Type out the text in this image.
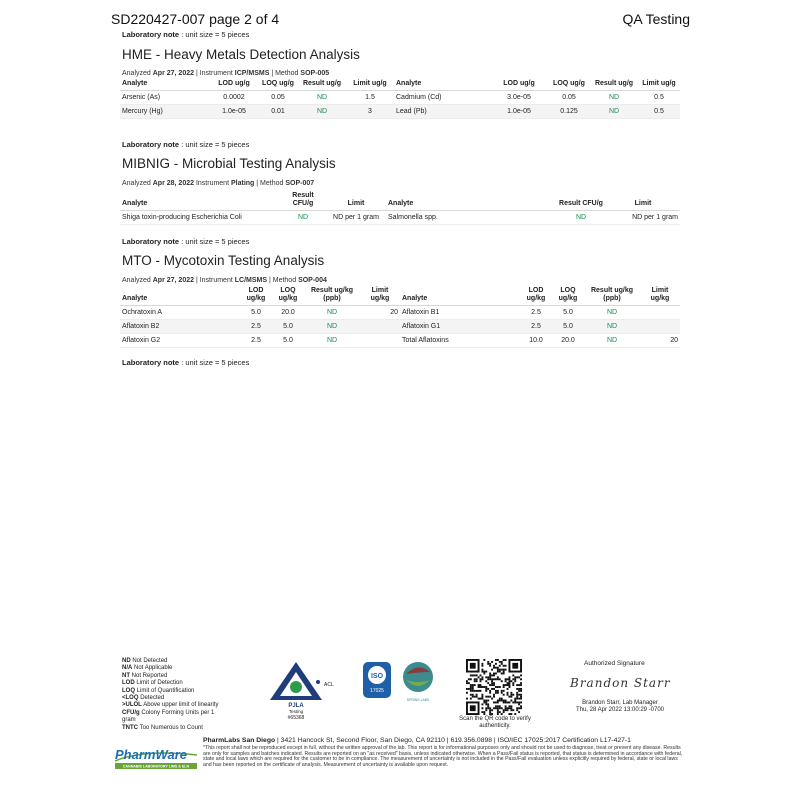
SD220427-007 page 2 of 4	QA Testing
Laboratory note : unit size = 5 pieces
HME - Heavy Metals Detection Analysis
Analyzed Apr 27, 2022 | Instrument ICP/MSMS | Method SOP-005
Analyte	LOD ug/g	LOQ ug/g	Result ug/g	Limit ug/g	Analyte	LOD ug/g	LOQ ug/g	Result ug/g	Limit ug/g
Arsenic (As)	0.0002	0.05	ND	1.5	Cadmium (Cd)	3.0e-05	0.05	ND	0.5
Mercury (Hg)	1.0e-05	0.01	ND	3	Lead (Pb)	1.0e-05	0.125	ND	0.5
Laboratory note : unit size = 5 pieces
MIBNIG - Microbial Testing Analysis
Analyzed Apr 28, 2022 Instrument Plating | Method SOP-007
Analyte	Result CFU/g	Limit	Analyte	Result CFU/g	Limit
Shiga toxin-producing Escherichia Coli	ND	ND per 1 gram	Salmonella spp.	ND	ND per 1 gram
Laboratory note : unit size = 5 pieces
MTO - Mycotoxin Testing Analysis
Analyzed Apr 27, 2022 | Instrument LC/MSMS | Method SOP-004
Analyte	LOD ug/kg	LOQ ug/kg	Result ug/kg (ppb)	Limit ug/kg	Analyte	LOD ug/kg	LOQ ug/kg	Result ug/kg (ppb)	Limit ug/kg
Ochratoxin A	5.0	20.0	ND	20	Aflatoxin B1	2.5	5.0	ND	
Aflatoxin B2	2.5	5.0	ND		Aflatoxin G1	2.5	5.0	ND	
Aflatoxin G2	2.5	5.0	ND		Total Aflatoxins	10.0	20.0	ND	20
Laboratory note : unit size = 5 pieces
ND Not Detected
N/A Not Applicable
NT Not Reported
LOD Limit of Detection
LOQ Limit of Quantification
<LOQ Detected
>ULOL Above upper limit of linearity
CFU/g Colony Forming Units per 1
gram
TNTC Too Numerous to Count
ACL
PJLA
Testing
#65368
ISO
17025
SPRING LABS
Scan the QR code to verify authenticity.
Authorized Signature
Brandon Starr
Brandon Starr, Lab Manager
Thu, 28 Apr 2022 13:00:29 -0700
PharmWare
CANNABIS LABORATORY LIMS & ELN
PharmLabs San Diego | 3421 Hancock St, Second Floor, San Diego, CA 92110 | 619.356.0898 | ISO/IEC 17025:2017 Certification L17-427-1
*This report shall not be reproduced except in full, without the written approval of the lab. This report is for informational purposes only and should not be used to diagnose, treat or prevent any disease. Results are only for samples and batches indicated. Results are reported on an "as received" basis, unless indicated otherwise. When a Pass/Fail status is reported, that status is determined in accordance with federal, state and local laws which are required for the customer to be in compliance. The measurement of uncertainty is not included in the Pass/Fail evaluation unless explicitly required by federal, state or local laws and has been reported on the certificate of analysis. Measurement of uncertainty is available upon request.
